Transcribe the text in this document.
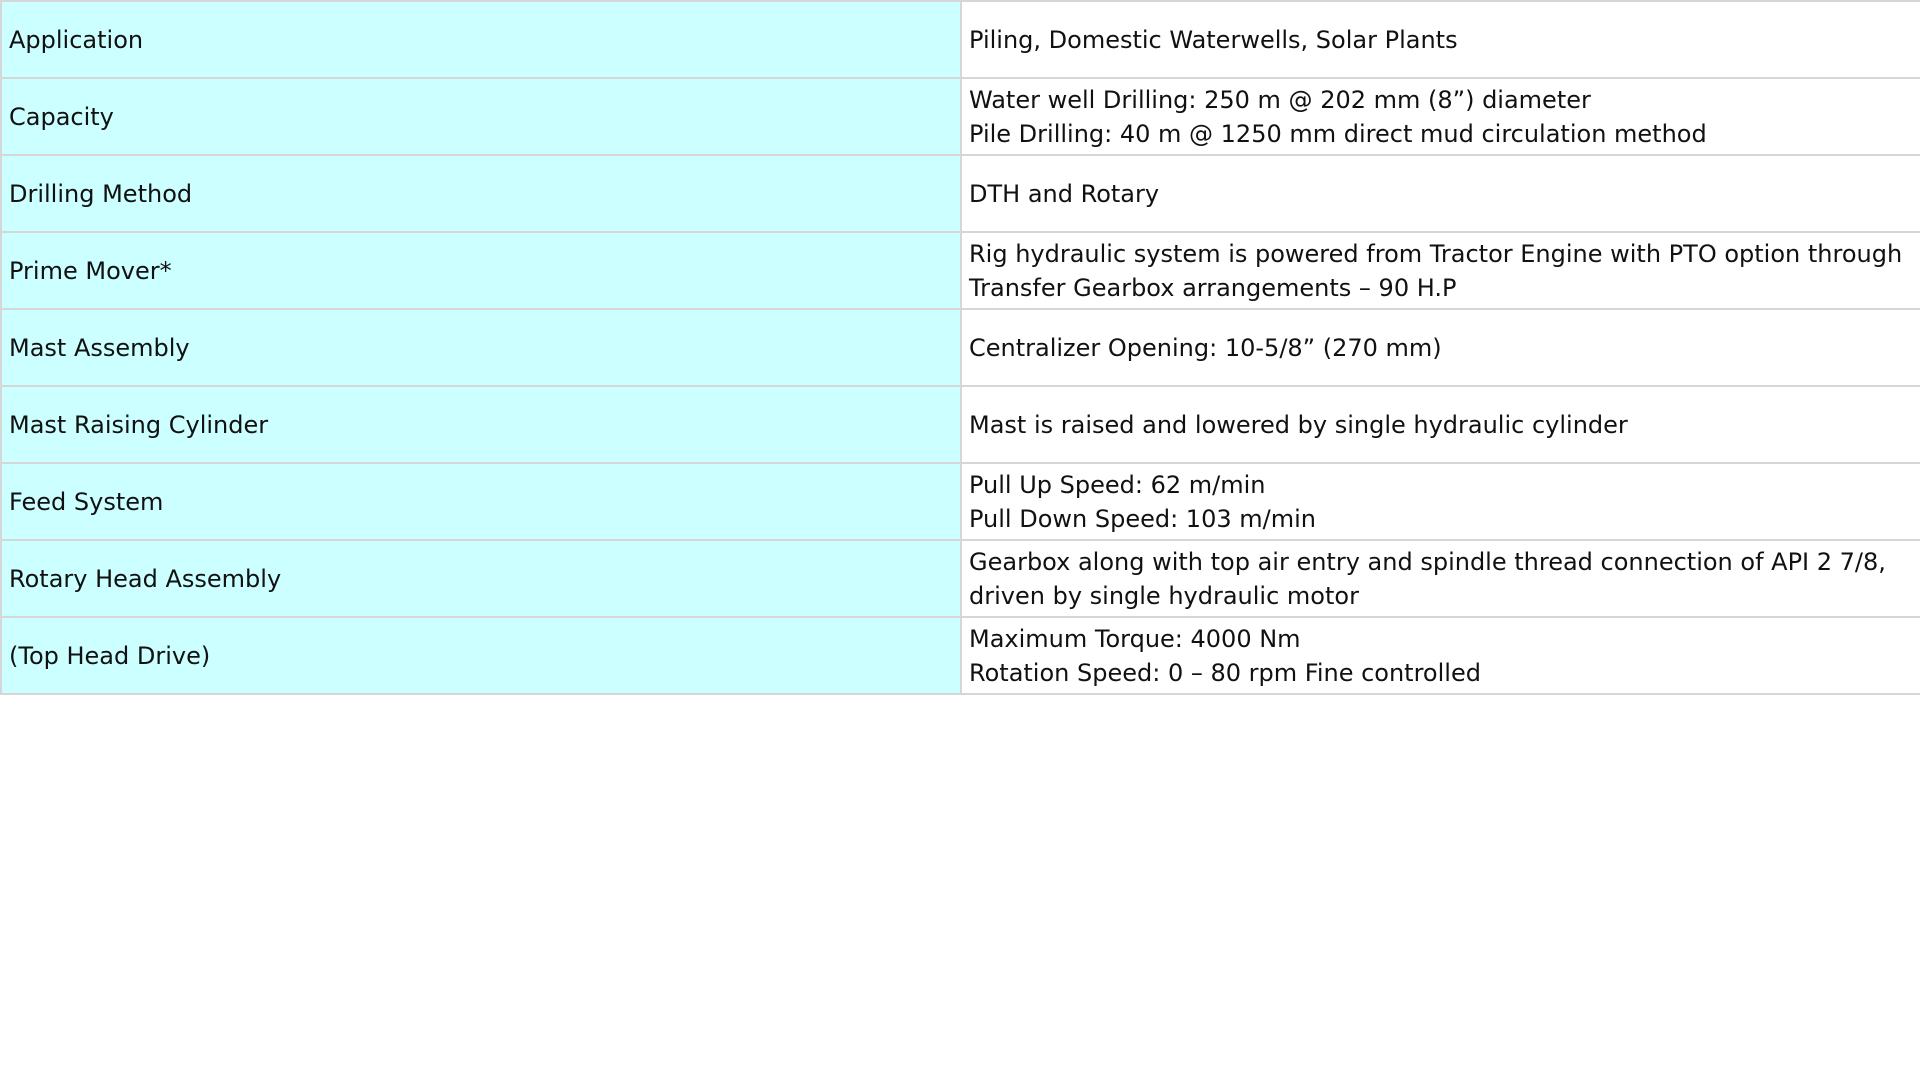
Application	Piling, Domestic Waterwells, Solar Plants

Capacity	Water well Drilling: 250 m @ 202 mm (8”) diameter
Pile Drilling: 40 m @ 1250 mm direct mud circulation method

Drilling Method	DTH and Rotary

Prime Mover*	Rig hydraulic system is powered from Tractor Engine with PTO option through
Transfer Gearbox arrangements – 90 H.P

Mast Assembly	Centralizer Opening: 10-5/8” (270 mm)

Mast Raising Cylinder	Mast is raised and lowered by single hydraulic cylinder

Feed System	Pull Up Speed: 62 m/min
Pull Down Speed: 103 m/min

Rotary Head Assembly	Gearbox along with top air entry and spindle thread connection of API 2 7/8,
driven by single hydraulic motor

(Top Head Drive)	Maximum Torque: 4000 Nm
Rotation Speed: 0 – 80 rpm Fine controlled
